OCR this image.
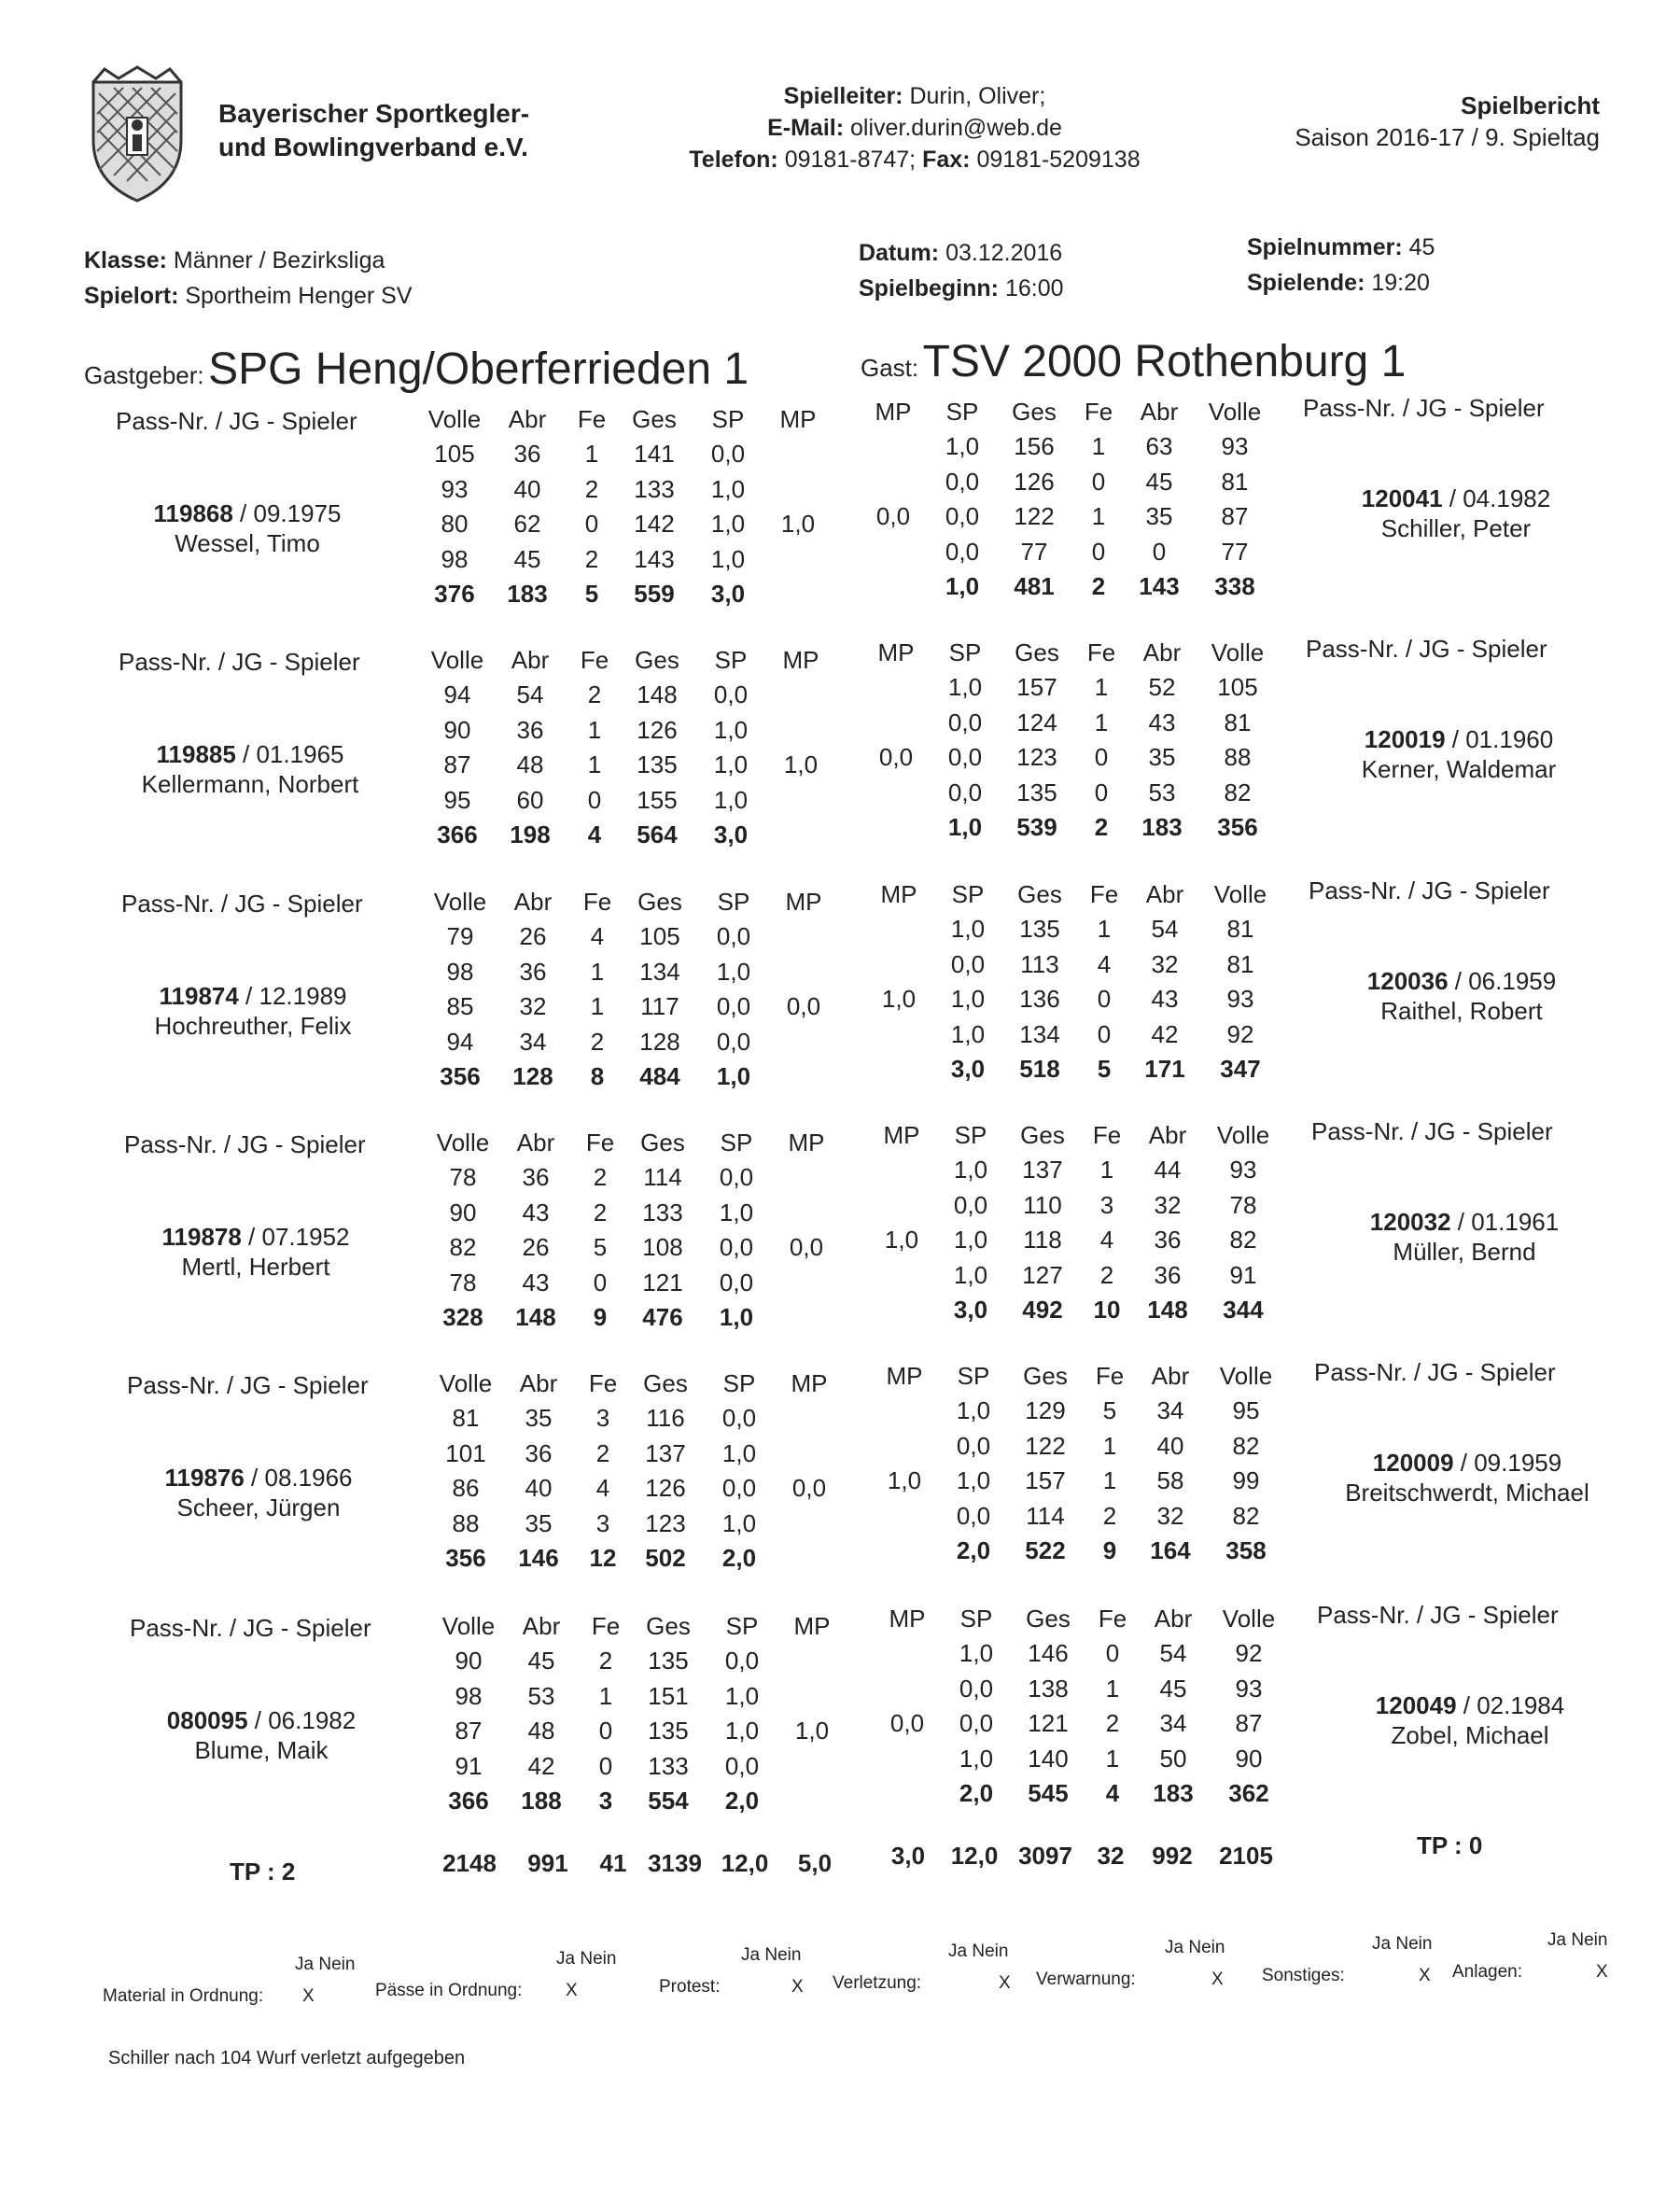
Bayerischer Sportkegler-
und Bowlingverband e.V.
Spielleiter: Durin, Oliver;
E-Mail: oliver.durin@web.de
Telefon: 09181-8747; Fax: 09181-5209138
Spielbericht
Saison 2016-17 / 9. Spieltag
Klasse: Männer / Bezirksliga
Spielort: Sportheim Henger SV
Datum: 03.12.2016
Spielbeginn: 16:00
Spielnummer: 45
Spielende: 19:20
Gastgeber: SPG Heng/Oberferrieden 1	Gast: TSV 2000 Rothenburg 1
Pass-Nr. / JG - Spieler	Volle	Abr	Fe	Ges	SP	MP
105	36	1	141	0,0	
93	40	2	133	1,0	
80	62	0	142	1,0	1,0
98	45	2	143	1,0	
376	183	5	559	3,0	
119868 / 09.1975
Wessel, Timo
MP	SP	Ges	Fe	Abr	Volle
	1,0	156	1	63	93
	0,0	126	0	45	81
0,0	0,0	122	1	35	87
	0,0	77	0	0	77
	1,0	481	2	143	338
Pass-Nr. / JG - Spieler
120041 / 04.1982
Schiller, Peter
Pass-Nr. / JG - Spieler	Volle	Abr	Fe	Ges	SP	MP
94	54	2	148	0,0	
90	36	1	126	1,0	
87	48	1	135	1,0	1,0
95	60	0	155	1,0	
366	198	4	564	3,0	
119885 / 01.1965
Kellermann, Norbert
MP	SP	Ges	Fe	Abr	Volle
	1,0	157	1	52	105
	0,0	124	1	43	81
0,0	0,0	123	0	35	88
	0,0	135	0	53	82
	1,0	539	2	183	356
Pass-Nr. / JG - Spieler
120019 / 01.1960
Kerner, Waldemar
Pass-Nr. / JG - Spieler	Volle	Abr	Fe	Ges	SP	MP
79	26	4	105	0,0	
98	36	1	134	1,0	
85	32	1	117	0,0	0,0
94	34	2	128	0,0	
356	128	8	484	1,0	
119874 / 12.1989
Hochreuther, Felix
MP	SP	Ges	Fe	Abr	Volle
	1,0	135	1	54	81
	0,0	113	4	32	81
1,0	1,0	136	0	43	93
	1,0	134	0	42	92
	3,0	518	5	171	347
Pass-Nr. / JG - Spieler
120036 / 06.1959
Raithel, Robert
Pass-Nr. / JG - Spieler	Volle	Abr	Fe	Ges	SP	MP
78	36	2	114	0,0	
90	43	2	133	1,0	
82	26	5	108	0,0	0,0
78	43	0	121	0,0	
328	148	9	476	1,0	
119878 / 07.1952
Mertl, Herbert
MP	SP	Ges	Fe	Abr	Volle
	1,0	137	1	44	93
	0,0	110	3	32	78
1,0	1,0	118	4	36	82
	1,0	127	2	36	91
	3,0	492	10	148	344
Pass-Nr. / JG - Spieler
120032 / 01.1961
Müller, Bernd
Pass-Nr. / JG - Spieler	Volle	Abr	Fe	Ges	SP	MP
81	35	3	116	0,0	
101	36	2	137	1,0	
86	40	4	126	0,0	0,0
88	35	3	123	1,0	
356	146	12	502	2,0	
119876 / 08.1966
Scheer, Jürgen
MP	SP	Ges	Fe	Abr	Volle
	1,0	129	5	34	95
	0,0	122	1	40	82
1,0	1,0	157	1	58	99
	0,0	114	2	32	82
	2,0	522	9	164	358
Pass-Nr. / JG - Spieler
120009 / 09.1959
Breitschwerdt, Michael
Pass-Nr. / JG - Spieler	Volle	Abr	Fe	Ges	SP	MP
90	45	2	135	0,0	
98	53	1	151	1,0	
87	48	0	135	1,0	1,0
91	42	0	133	0,0	
366	188	3	554	2,0	
080095 / 06.1982
Blume, Maik
MP	SP	Ges	Fe	Abr	Volle
	1,0	146	0	54	92
	0,0	138	1	45	93
0,0	0,0	121	2	34	87
	1,0	140	1	50	90
	2,0	545	4	183	362
Pass-Nr. / JG - Spieler
120049 / 02.1984
Zobel, Michael
TP : 2	2148	991	41	3139	12,0	5,0 3,0	12,0	3097	32	992	2105	TP : 0
Ja Nein
Material in Ordnung: X
Ja Nein
Pässe in Ordnung: X
Ja Nein
Protest:	X
Ja Nein
Verletzung:	X
Ja Nein
Verwarnung:	X
Ja Nein
Sonstiges:	X
Ja Nein
Anlagen:	X
Schiller nach 104 Wurf verletzt aufgegeben
